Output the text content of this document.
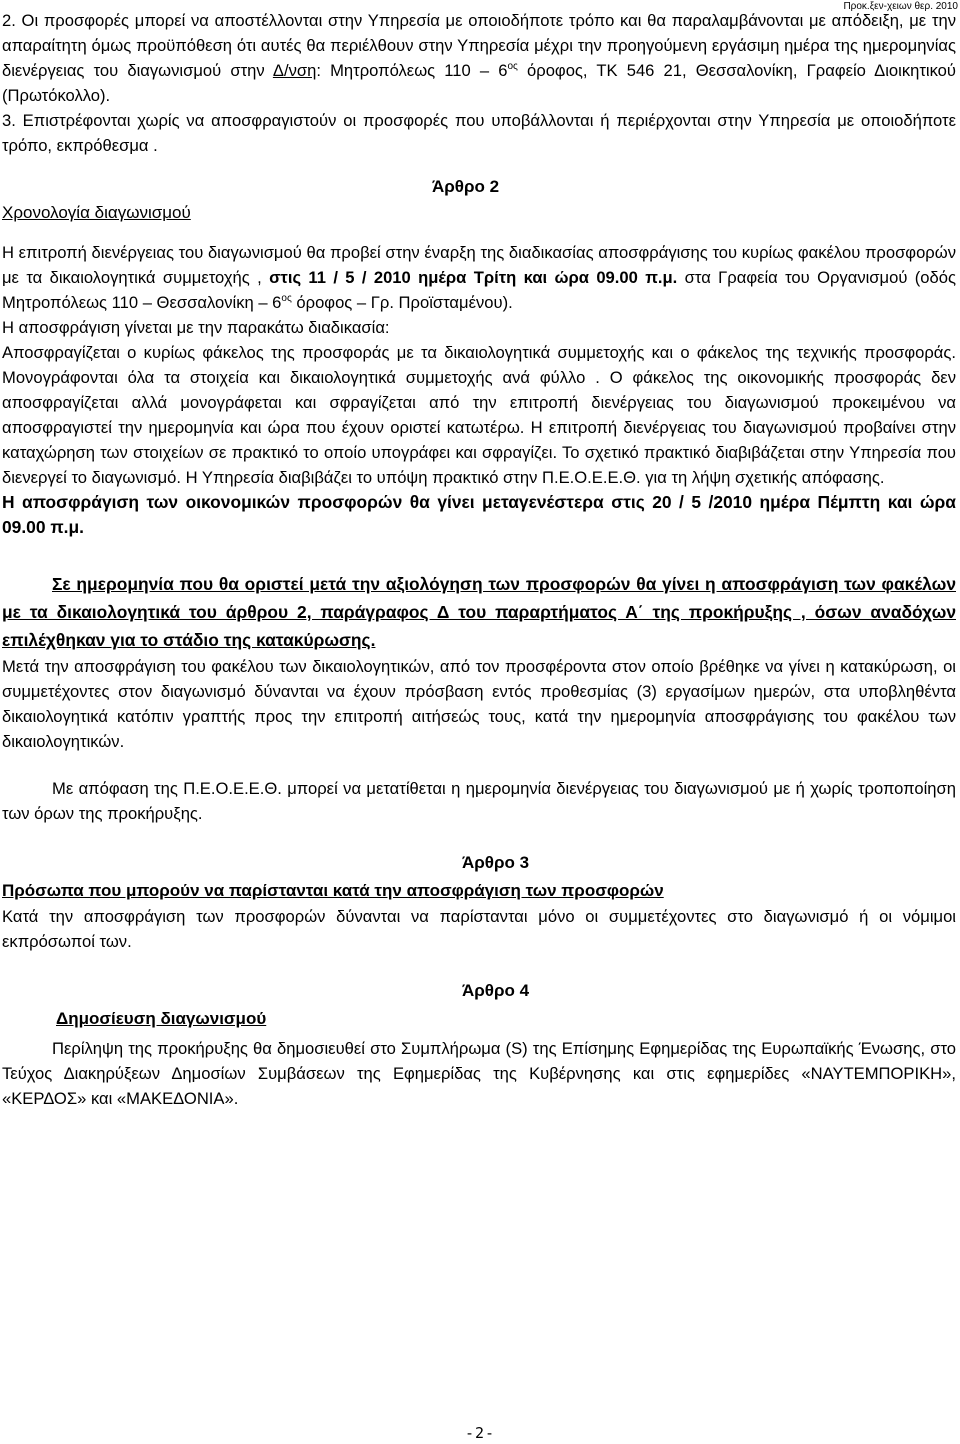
Προκ.ξεν-χειων θερ. 2010

2. Οι προσφορές μπορεί να αποστέλλονται στην Υπηρεσία με οποιοδήποτε τρόπο και θα παραλαμβάνονται με απόδειξη, με την απαραίτητη όμως προϋπόθεση ότι αυτές θα περιέλθουν στην Υπηρεσία μέχρι την προηγούμενη εργάσιμη ημέρα της ημερομηνίας διενέργειας του διαγωνισμού στην Δ/νση: Μητροπόλεως $110 - 6^{o\varsigma}$ όροφος, ΤΚ 546 21, Θεσσαλονίκη, Γραφείο Διοικητικού (Πρωτόκολλο).

3. Επιστρέφονται χωρίς να αποσφραγιστούν οι προσφορές που υποβάλλονται ή περιέρχονται στην Υπηρεσία με οποιοδήποτε τρόπο, εκπρόθεσμα .

Άρθρο 2
Χρονολογία διαγωνισμού

Η επιτροπή διενέργειας του διαγωνισμού θα προβεί στην έναρξη της διαδικασίας αποσφράγισης του κυρίως φακέλου προσφορών με τα δικαιολογητικά συμμετοχής , στις 11 / 5 / 2010 ημέρα Τρίτη και ώρα 09.00 π.μ. στα Γραφεία του Οργανισμού (οδός Μητροπόλεως 110 – Θεσσαλονίκη – $6^{o\varsigma}$ όροφος – Γρ. Προϊσταμένου).

Η αποσφράγιση γίνεται με την παρακάτω διαδικασία:

Αποσφραγίζεται ο κυρίως φάκελος της προσφοράς με τα δικαιολογητικά συμμετοχής και ο φάκελος της τεχνικής προσφοράς. Μονογράφονται όλα τα στοιχεία και δικαιολογητικά συμμετοχής ανά φύλλο . Ο φάκελος της οικονομικής προσφοράς δεν αποσφραγίζεται αλλά μονογράφεται και σφραγίζεται από την επιτροπή διενέργειας του διαγωνισμού προκειμένου να αποσφραγιστεί την ημερομηνία και ώρα που έχουν οριστεί κατωτέρω. Η επιτροπή διενέργειας του διαγωνισμού προβαίνει στην καταχώρηση των στοιχείων σε πρακτικό το οποίο υπογράφει και σφραγίζει. Το σχετικό πρακτικό διαβιβάζεται στην Υπηρεσία που διενεργεί το διαγωνισμό. Η Υπηρεσία διαβιβάζει το υπόψη πρακτικό στην Π.Ε.Ο.Ε.Ε.Θ. για τη λήψη σχετικής απόφασης.

Η αποσφράγιση των οικονομικών προσφορών θα γίνει μεταγενέστερα στις 20 / 5 /2010 ημέρα Πέμπτη και ώρα 09.00 π.μ.

Σε ημερομηνία που θα οριστεί μετά την αξιολόγηση των προσφορών θα γίνει η αποσφράγιση των φακέλων με τα δικαιολογητικά του άρθρου 2, παράγραφος Δ του παραρτήματος Α΄ της προκήρυξης , όσων αναδόχων επιλέχθηκαν για το στάδιο της κατακύρωσης.

Μετά την αποσφράγιση του φακέλου των δικαιολογητικών, από τον προσφέροντα στον οποίο βρέθηκε να γίνει η κατακύρωση, οι συμμετέχοντες στον διαγωνισμό δύνανται να έχουν πρόσβαση εντός προθεσμίας (3) εργασίμων ημερών, στα υποβληθέντα δικαιολογητικά κατόπιν γραπτής προς την επιτροπή αιτήσεώς τους, κατά την ημερομηνία αποσφράγισης του φακέλου των δικαιολογητικών.

Με απόφαση της Π.Ε.Ο.Ε.Ε.Θ. μπορεί να μετατίθεται η ημερομηνία διενέργειας του διαγωνισμού με ή χωρίς τροποποίηση των όρων της προκήρυξης.

Άρθρο 3
Πρόσωπα που μπορούν να παρίστανται κατά την αποσφράγιση των προσφορών

Κατά την αποσφράγιση των προσφορών δύνανται να παρίστανται μόνο οι συμμετέχοντες στο διαγωνισμό ή οι νόμιμοι εκπρόσωποί των.

Άρθρο 4
Δημοσίευση διαγωνισμού

Περίληψη της προκήρυξης θα δημοσιευθεί στο Συμπλήρωμα (S) της Επίσημης Εφημερίδας της Ευρωπαϊκής Ένωσης, στο Τεύχος Διακηρύξεων Δημοσίων Συμβάσεων της Εφημερίδας της Κυβέρνησης και στις εφημερίδες «ΝΑΥΤΕΜΠΟΡΙΚΗ», «ΚΕΡΔΟΣ» και «ΜΑΚΕΔΟΝΙΑ».

-2-
